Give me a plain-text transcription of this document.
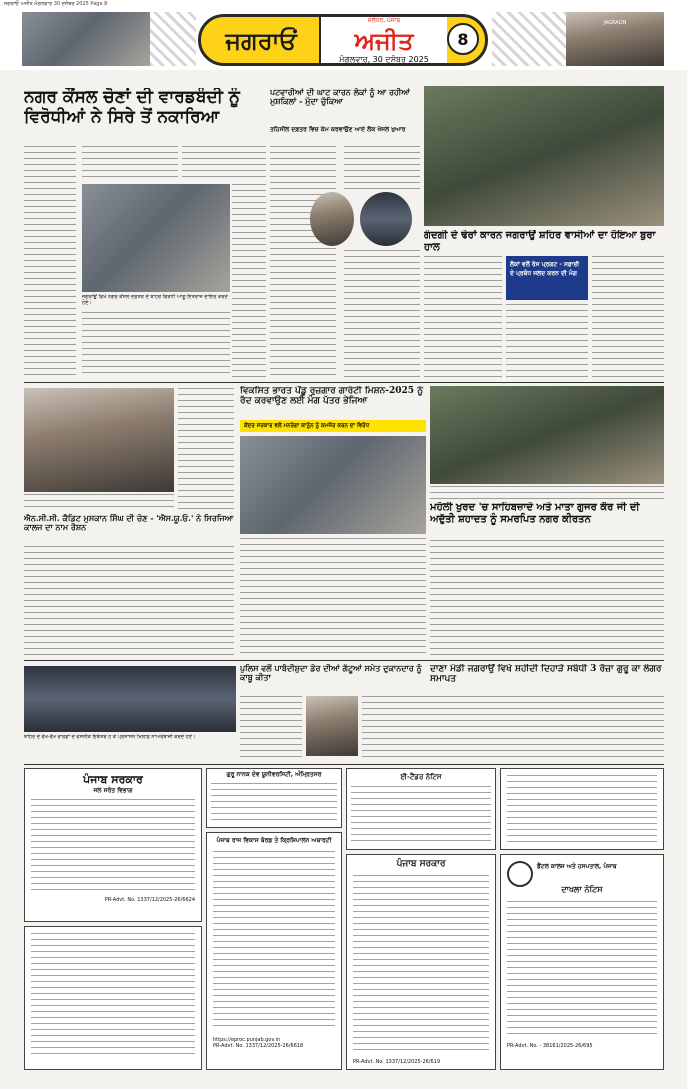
ਜਗਰਾਓਂ ਅਜੀਤ ਮੰਗਲਵਾਰ 30 ਦਸੰਬਰ 2025 Page 8
ਜਗਰਾਓਂ
ਜਲੰਧਰ, ਪੰਜਾਬ
ਅਜੀਤ
ਮੰਗਲਵਾਰ, 30 ਦਸੰਬਰ 2025
8
JAGRAON
ਨਗਰ ਕੌਂਸਲ ਚੋਣਾਂ ਦੀ ਵਾਰਡਬੰਦੀ ਨੂੰ ਵਿਰੋਧੀਆਂ ਨੇ ਸਿਰੇ ਤੋਂ ਨਕਾਰਿਆ
ਜਗਰਾਉਂ ਵਿਖੇ ਨਗਰ ਕੌਂਸਲ ਦਫ਼ਤਰ ਦੇ ਬਾਹਰ ਵਿਰੋਧੀ ਆਗੂ ਇਤਰਾਜ਼ ਦਾਇਰ ਕਰਦੇ ਹੋਏ।
ਪਟਵਾਰੀਆਂ ਦੀ ਘਾਟ ਕਾਰਨ ਲੋਕਾਂ ਨੂੰ ਆ ਰਹੀਆਂ ਮੁਸ਼ਕਿਲਾਂ - ਮੁੱਦਾ ਚੁੱਕਿਆ
ਤਹਿਸੀਲ ਦਫ਼ਤਰ ਵਿਚ ਕੰਮ ਕਰਵਾਉਣ ਆਏ ਲੋਕ ਖੱਜਲ ਖੁਆਰ
ਗੰਦਗੀ ਦੇ ਢੇਰਾਂ ਕਾਰਨ ਜਗਰਾਉਂ ਸ਼ਹਿਰ ਵਾਸੀਆਂ ਦਾ ਹੋਇਆ ਬੁਰਾ ਹਾਲ
ਲੋਕਾਂ ਵਲੋਂ ਰੋਸ ਪ੍ਰਗਟ - ਸਫ਼ਾਈ ਦੇ ਪ੍ਰਬੰਧ ਜਲਦ ਕਰਨ ਦੀ ਮੰਗ
ਐਨ.ਸੀ.ਸੀ. ਕੈਡਿਟ ਮੁਸਕਾਨ ਸਿੰਘ ਦੀ ਚੋਣ - 'ਐਸ.ਯੂ.ਓ.' ਨੇ ਸਿਰਜਿਆ ਕਾਲਜ ਦਾ ਨਾਮ ਰੌਸ਼ਨ
ਵਿਕਸਿਤ ਭਾਰਤ ਪੇਂਡੂ ਰੁਜ਼ਗਾਰ ਗਾਰੰਟੀ ਮਿਸ਼ਨ-2025 ਨੂੰ ਰੱਦ ਕਰਵਾਉਣ ਲਈ ਮੰਗ ਪੱਤਰ ਭੇਜਿਆ
ਕੇਂਦਰ ਸਰਕਾਰ ਵਲੋਂ ਮਨਰੇਗਾ ਕਾਨੂੰਨ ਨੂੰ ਕਮਜ਼ੋਰ ਕਰਨ ਦਾ ਵਿਰੋਧ
ਮਹੋਲੀ ਖੁਰਦ 'ਚ ਸਾਹਿਬਜ਼ਾਦੇ ਅਤੇ ਮਾਤਾ ਗੁਜਰ ਕੌਰ ਜੀ ਦੀ ਅਦੁੱਤੀ ਸ਼ਹਾਦਤ ਨੂੰ ਸਮਰਪਿਤ ਨਗਰ ਕੀਰਤਨ
ਪੁਲਿਸ ਵਲੋਂ ਪਾਬੰਦੀਸ਼ੁਦਾ ਡੋਰ ਦੀਆਂ ਗੱਟੂਆਂ ਸਮੇਤ ਦੁਕਾਨਦਾਰ ਨੂੰ ਕਾਬੂ ਕੀਤਾ
ਸ਼ਹਿਰ ਦੇ ਵੱਖ-ਵੱਖ ਵਾਰਡਾਂ ਦੇ ਵਸਨੀਕ ਇਕੱਤਰ ਹੋ ਕੇ ਪ੍ਰਸ਼ਾਸਨ ਖ਼ਿਲਾਫ਼ ਨਾਅਰੇਬਾਜ਼ੀ ਕਰਦੇ ਹੋਏ।
ਦਾਣਾ ਮੰਡੀ ਜਗਰਾਉਂ ਵਿਖੇ ਸ਼ਹੀਦੀ ਦਿਹਾੜੇ ਸਬੰਧੀ 3 ਰੋਜ਼ਾ ਗੁਰੂ ਕਾ ਲੰਗਰ ਸਮਾਪਤ
ਪੰਜਾਬ ਸਰਕਾਰ
ਜਲ ਸਰੋਤ ਵਿਭਾਗ
PR-Advt. No. 1337/12/2025-26/6624
ਗੁਰੂ ਨਾਨਕ ਦੇਵ ਯੂਨੀਵਰਸਿਟੀ, ਅੰਮ੍ਰਿਤਸਰ
ਪੰਜਾਬ ਰਾਜ ਵਿਕਾਸ ਬੋਰਡ ਤੇ ਕ੍ਰਿਸ਼ਿਪਾਲਨ ਅਥਾਰਟੀ
https://eproc.punjab.gov.in
PR-Advt. No. 1337/12/2025-26/6618
ਈ-ਟੈਂਡਰ ਨੋਟਿਸ
ਪੰਜਾਬ ਸਰਕਾਰ
PR-Advt. No. 1337/12/2025-26/619
ਡੈਂਟਲ ਕਾਲਜ ਅਤੇ ਹਸਪਤਾਲ, ਪੰਜਾਬ
ਦਾਖਲਾ ਨੋਟਿਸ
PR-Advt. No. - 38161/2025-26/695
